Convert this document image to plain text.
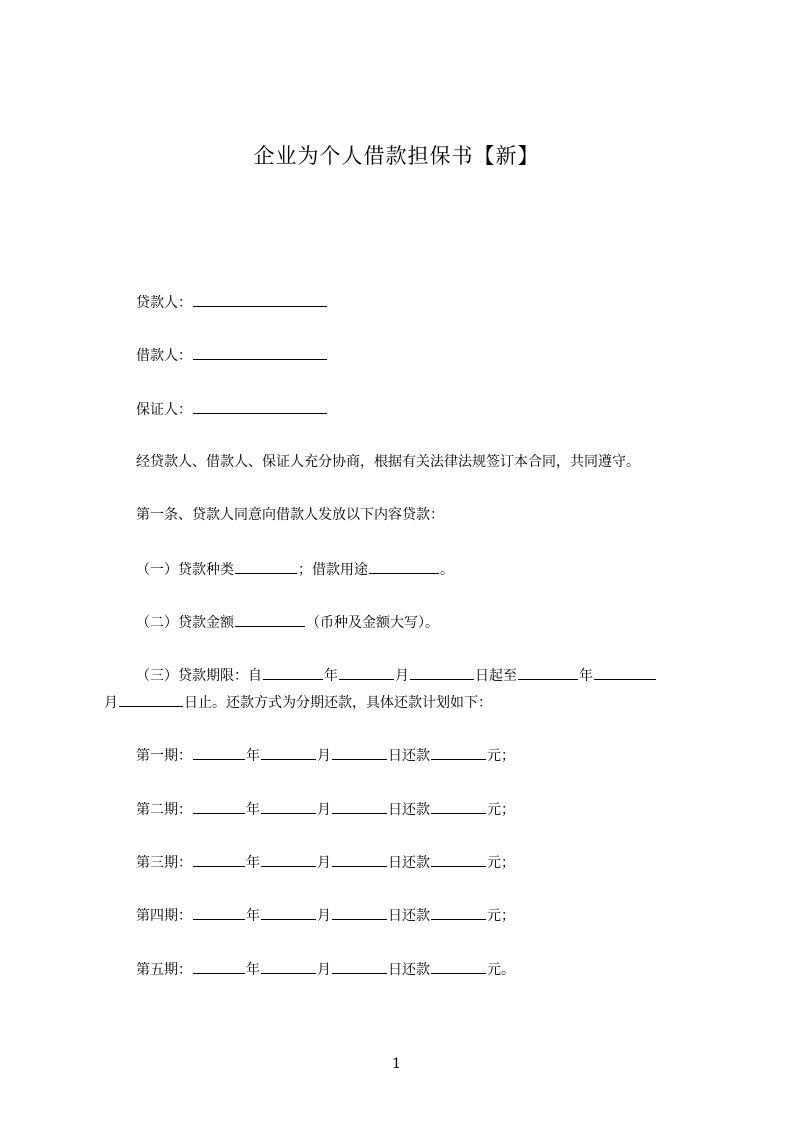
企业为个人借款担保书【新】
贷款人：
借款人：
保证人：
经贷款人、借款人、保证人充分协商，根据有关法律法规签订本合同，共同遵守。
第一条、贷款人同意向借款人发放以下内容贷款：
（一）贷款种类	；借款用途	。
（二）贷款金额	（币种及金额大写）。
（三）贷款期限：自	年	月	日起至	年
月	日止。还款方式为分期还款，具体还款计划如下：
第一期：	年	月	日还款	元；
第二期：	年	月	日还款	元；
第三期：	年	月	日还款	元；
第四期：	年	月	日还款	元；
第五期：	年	月	日还款	元。
1
